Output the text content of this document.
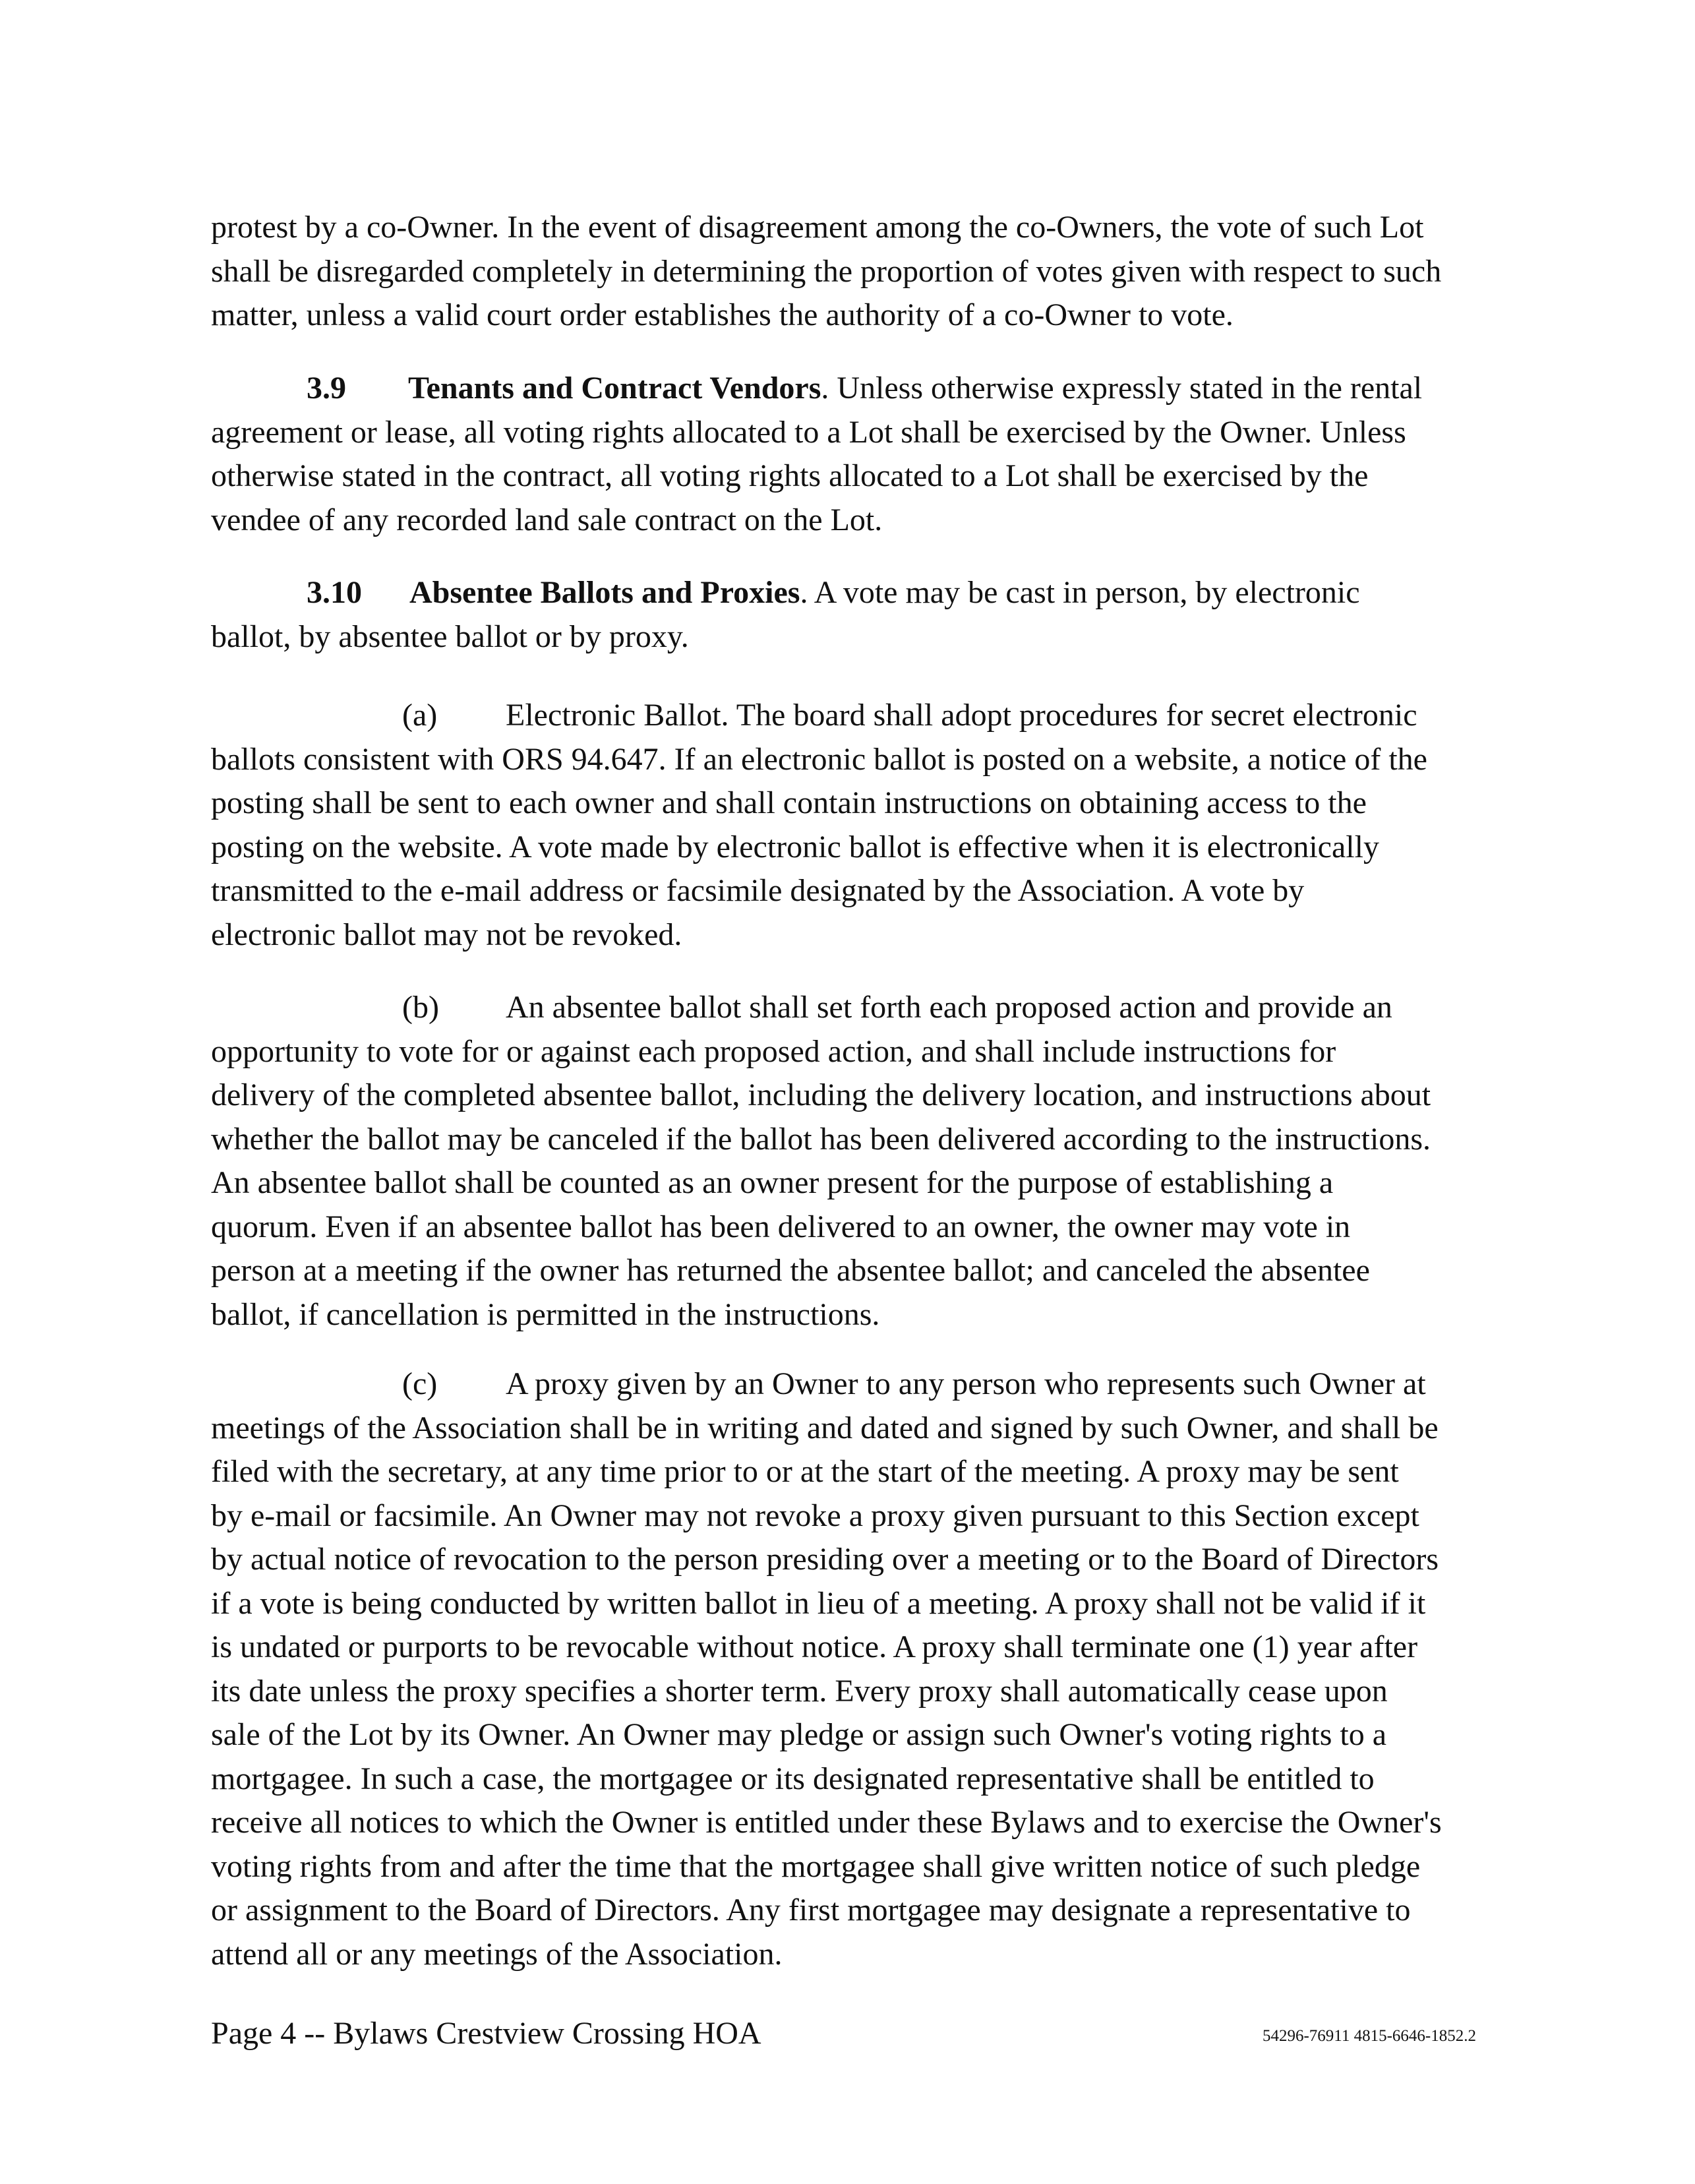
protest by a co-Owner. In the event of disagreement among the co-Owners, the vote of such Lot
shall be disregarded completely in determining the proportion of votes given with respect to such
matter, unless a valid court order establishes the authority of a co-Owner to vote.
3.9 Tenants and Contract Vendors. Unless otherwise expressly stated in the rental
agreement or lease, all voting rights allocated to a Lot shall be exercised by the Owner. Unless
otherwise stated in the contract, all voting rights allocated to a Lot shall be exercised by the
vendee of any recorded land sale contract on the Lot.
3.10 Absentee Ballots and Proxies. A vote may be cast in person, by electronic
ballot, by absentee ballot or by proxy.
(a) Electronic Ballot. The board shall adopt procedures for secret electronic
ballots consistent with ORS 94.647. If an electronic ballot is posted on a website, a notice of the
posting shall be sent to each owner and shall contain instructions on obtaining access to the
posting on the website. A vote made by electronic ballot is effective when it is electronically
transmitted to the e-mail address or facsimile designated by the Association. A vote by
electronic ballot may not be revoked.
(b) An absentee ballot shall set forth each proposed action and provide an
opportunity to vote for or against each proposed action, and shall include instructions for
delivery of the completed absentee ballot, including the delivery location, and instructions about
whether the ballot may be canceled if the ballot has been delivered according to the instructions.
An absentee ballot shall be counted as an owner present for the purpose of establishing a
quorum. Even if an absentee ballot has been delivered to an owner, the owner may vote in
person at a meeting if the owner has returned the absentee ballot; and canceled the absentee
ballot, if cancellation is permitted in the instructions.
(c) A proxy given by an Owner to any person who represents such Owner at
meetings of the Association shall be in writing and dated and signed by such Owner, and shall be
filed with the secretary, at any time prior to or at the start of the meeting. A proxy may be sent
by e-mail or facsimile. An Owner may not revoke a proxy given pursuant to this Section except
by actual notice of revocation to the person presiding over a meeting or to the Board of Directors
if a vote is being conducted by written ballot in lieu of a meeting. A proxy shall not be valid if it
is undated or purports to be revocable without notice. A proxy shall terminate one (1) year after
its date unless the proxy specifies a shorter term. Every proxy shall automatically cease upon
sale of the Lot by its Owner. An Owner may pledge or assign such Owner's voting rights to a
mortgagee. In such a case, the mortgagee or its designated representative shall be entitled to
receive all notices to which the Owner is entitled under these Bylaws and to exercise the Owner's
voting rights from and after the time that the mortgagee shall give written notice of such pledge
or assignment to the Board of Directors. Any first mortgagee may designate a representative to
attend all or any meetings of the Association.
Page 4 -- Bylaws Crestview Crossing HOA	54296-76911 4815-6646-1852.2
